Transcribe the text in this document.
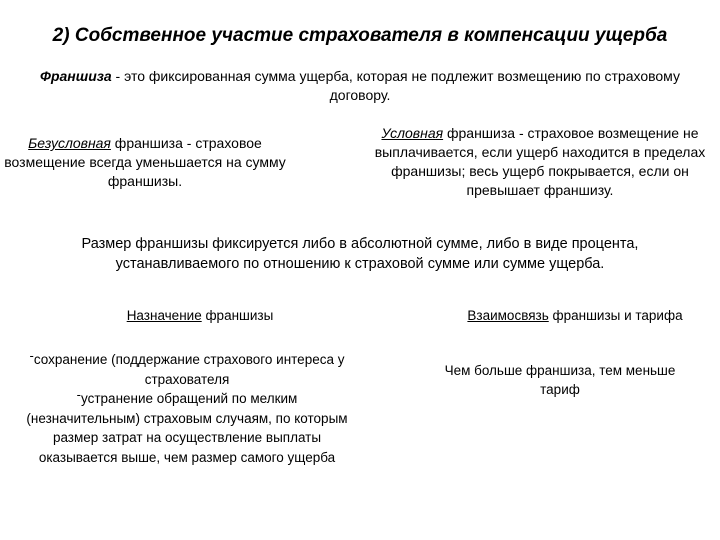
2) Собственное участие страхователя в компенсации ущерба
Франшиза - это фиксированная сумма ущерба, которая не подлежит возмещению по страховому договору.
Безусловная франшиза - страховое возмещение всегда уменьшается на сумму франшизы.
Условная франшиза - страховое возмещение не выплачивается, если ущерб находится в пределах франшизы; весь ущерб покрывается, если он превышает франшизу.
Размер франшизы фиксируется либо в абсолютной сумме, либо в виде процента, устанавливаемого по отношению к страховой сумме или сумме ущерба.
Назначение франшизы	Взаимосвязь франшизы и тарифа
-сохранение (поддержание страхового интереса у страхователя
-устранение обращений по мелким (незначительным) страховым случаям, по которым размер затрат на осуществление выплаты оказывается выше, чем размер самого ущерба
Чем больше франшиза, тем меньше тариф
